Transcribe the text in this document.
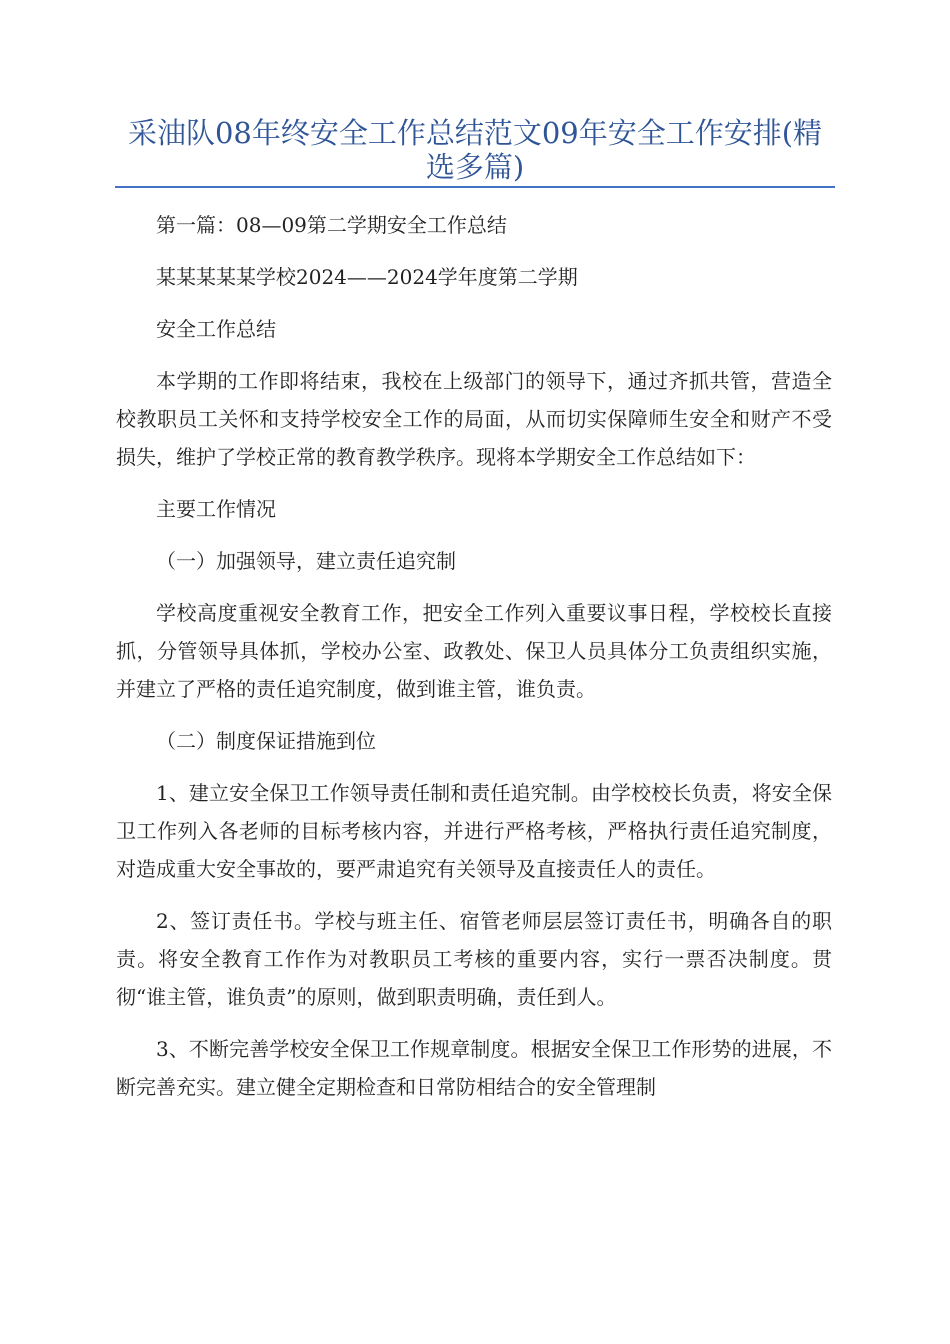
采油队08年终安全工作总结范文09年安全工作安排(精选多篇)

第一篇：08—09第二学期安全工作总结

某某某某某学校2024——2024学年度第二学期

安全工作总结

本学期的工作即将结束，我校在上级部门的领导下，通过齐抓共管，营造全校教职员工关怀和支持学校安全工作的局面，从而切实保障师生安全和财产不受损失，维护了学校正常的教育教学秩序。现将本学期安全工作总结如下：

主要工作情况

（一）加强领导，建立责任追究制

学校高度重视安全教育工作，把安全工作列入重要议事日程，学校校长直接抓，分管领导具体抓，学校办公室、政教处、保卫人员具体分工负责组织实施，并建立了严格的责任追究制度，做到谁主管，谁负责。

（二）制度保证措施到位

1、建立安全保卫工作领导责任制和责任追究制。由学校校长负责，将安全保卫工作列入各老师的目标考核内容，并进行严格考核，严格执行责任追究制度，对造成重大安全事故的，要严肃追究有关领导及直接责任人的责任。

2、签订责任书。学校与班主任、宿管老师层层签订责任书，明确各自的职责。将安全教育工作作为对教职员工考核的重要内容，实行一票否决制度。贯彻“谁主管，谁负责”的原则，做到职责明确，责任到人。

3、不断完善学校安全保卫工作规章制度。根据安全保卫工作形势的进展，不断完善充实。建立健全定期检查和日常防相结合的安全管理制
